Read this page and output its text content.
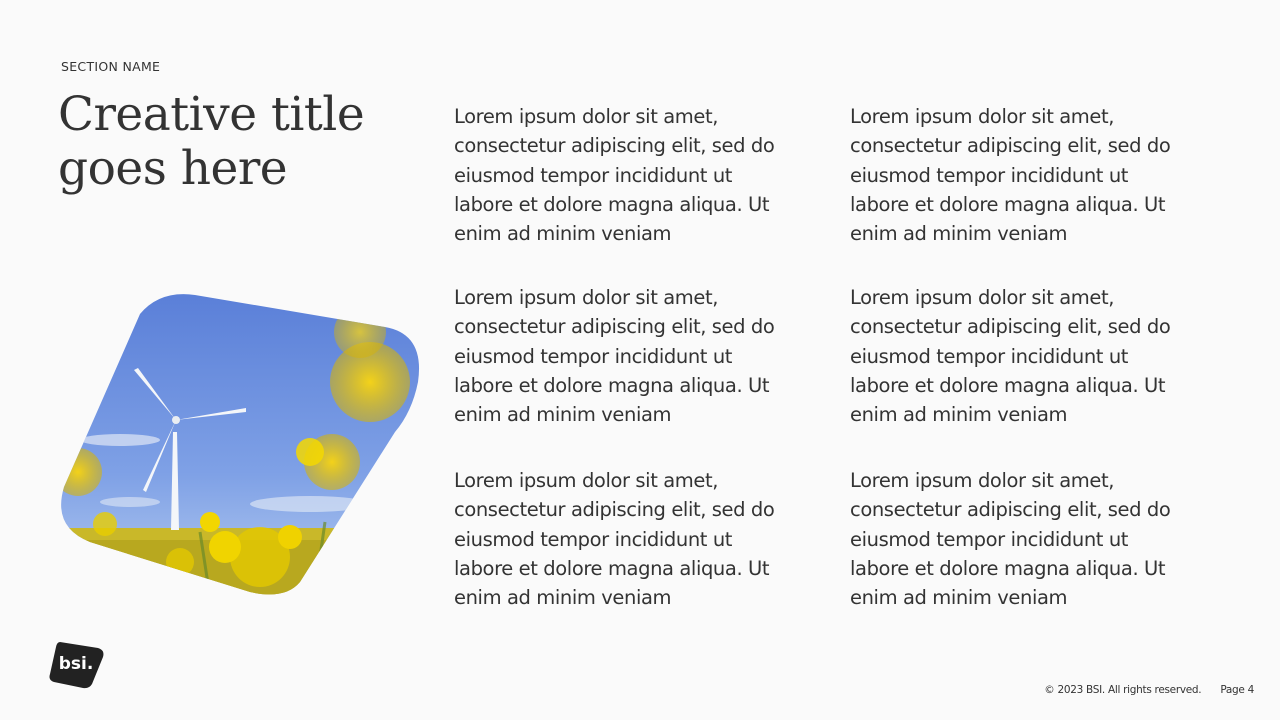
SECTION NAME
Creative title
goes here

Lorem ipsum dolor sit amet, consectetur adipiscing elit, sed do eiusmod tempor incididunt ut labore et dolore magna aliqua. Ut enim ad minim veniam

Lorem ipsum dolor sit amet, consectetur adipiscing elit, sed do eiusmod tempor incididunt ut labore et dolore magna aliqua. Ut enim ad minim veniam

Lorem ipsum dolor sit amet, consectetur adipiscing elit, sed do eiusmod tempor incididunt ut labore et dolore magna aliqua. Ut enim ad minim veniam

Lorem ipsum dolor sit amet, consectetur adipiscing elit, sed do eiusmod tempor incididunt ut labore et dolore magna aliqua. Ut enim ad minim veniam

Lorem ipsum dolor sit amet, consectetur adipiscing elit, sed do eiusmod tempor incididunt ut labore et dolore magna aliqua. Ut enim ad minim veniam

Lorem ipsum dolor sit amet, consectetur adipiscing elit, sed do eiusmod tempor incididunt ut labore et dolore magna aliqua. Ut enim ad minim veniam

bsi.
© 2023 BSI. All rights reserved. Page 4
